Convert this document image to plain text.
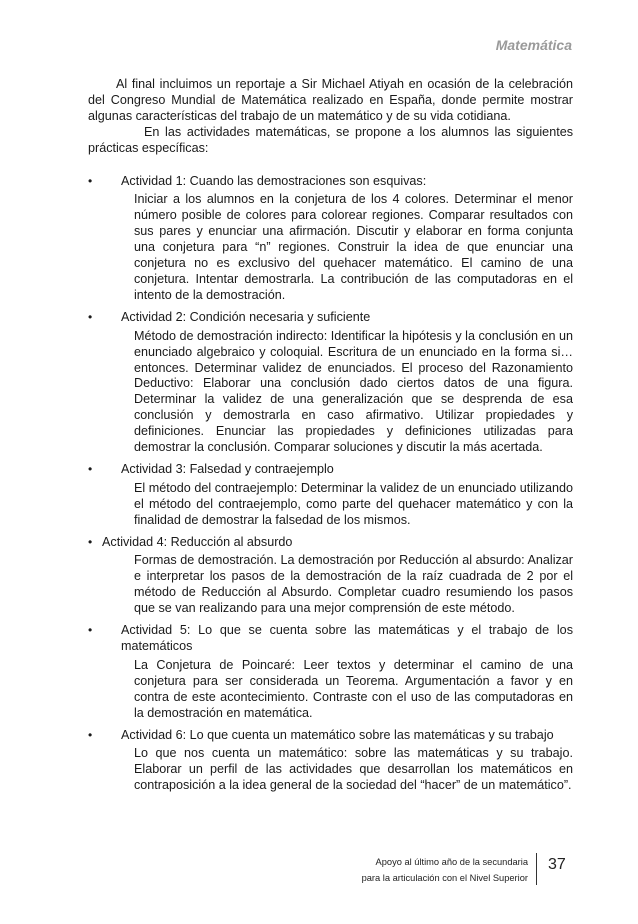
Matemática

Al final incluimos un reportaje a Sir Michael Atiyah en ocasión de la celebración del Congreso Mundial de Matemática realizado en España, donde permite mostrar algunas características del trabajo de un matemático y de su vida cotidiana.

En las actividades matemáticas, se propone a los alumnos las siguientes prácticas específicas:

•	Actividad 1: Cuando las demostraciones son esquivas:
Iniciar a los alumnos en la conjetura de los 4 colores. Determinar el menor número posible de colores para colorear regiones. Comparar resultados con sus pares y enunciar una afirmación. Discutir y elaborar en forma conjunta una conjetura para “n” regiones. Construir la idea de que enunciar una conjetura no es exclusivo del quehacer matemático. El camino de una conjetura. Intentar demostrarla. La contribución de las computadoras en el intento de la demostración.
•	Actividad 2: Condición necesaria y suficiente
Método de demostración indirecto: Identificar la hipótesis y la conclusión en un enunciado algebraico y coloquial. Escritura de un enunciado en la forma si…entonces. Determinar validez de enunciados. El proceso del Razonamiento Deductivo: Elaborar una conclusión dado ciertos datos de una figura. Determinar la validez de una generalización que se desprenda de esa conclusión y demostrarla en caso afirmativo. Utilizar propiedades y definiciones. Enunciar las propiedades y definiciones utilizadas para demostrar la conclusión. Comparar soluciones y discutir la más acertada.
•	Actividad 3: Falsedad y contraejemplo
El método del contraejemplo: Determinar la validez de un enunciado utilizando el método del contraejemplo, como parte del quehacer matemático y con la finalidad de demostrar la falsedad de los mismos.
• Actividad 4: Reducción al absurdo
Formas de demostración. La demostración por Reducción al absurdo: Analizar e interpretar los pasos de la demostración de la raíz cuadrada de 2 por el método de Reducción al Absurdo. Completar cuadro resumiendo los pasos que se van realizando para una mejor comprensión de este método.
•	Actividad 5: Lo que se cuenta sobre las matemáticas y el trabajo de los matemáticos
La Conjetura de Poincaré: Leer textos y determinar el camino de una conjetura para ser considerada un Teorema. Argumentación a favor y en contra de este acontecimiento. Contraste con el uso de las computadoras en la demostración en matemática.
•	Actividad 6: Lo que cuenta un matemático sobre las matemáticas y su trabajo
Lo que nos cuenta un matemático: sobre las matemáticas y su trabajo. Elaborar un perfil de las actividades que desarrollan los matemáticos en contraposición a la idea general de la sociedad del “hacer” de un matemático”.
Apoyo al último año de la secundaria
para la articulación con el Nivel Superior
37
